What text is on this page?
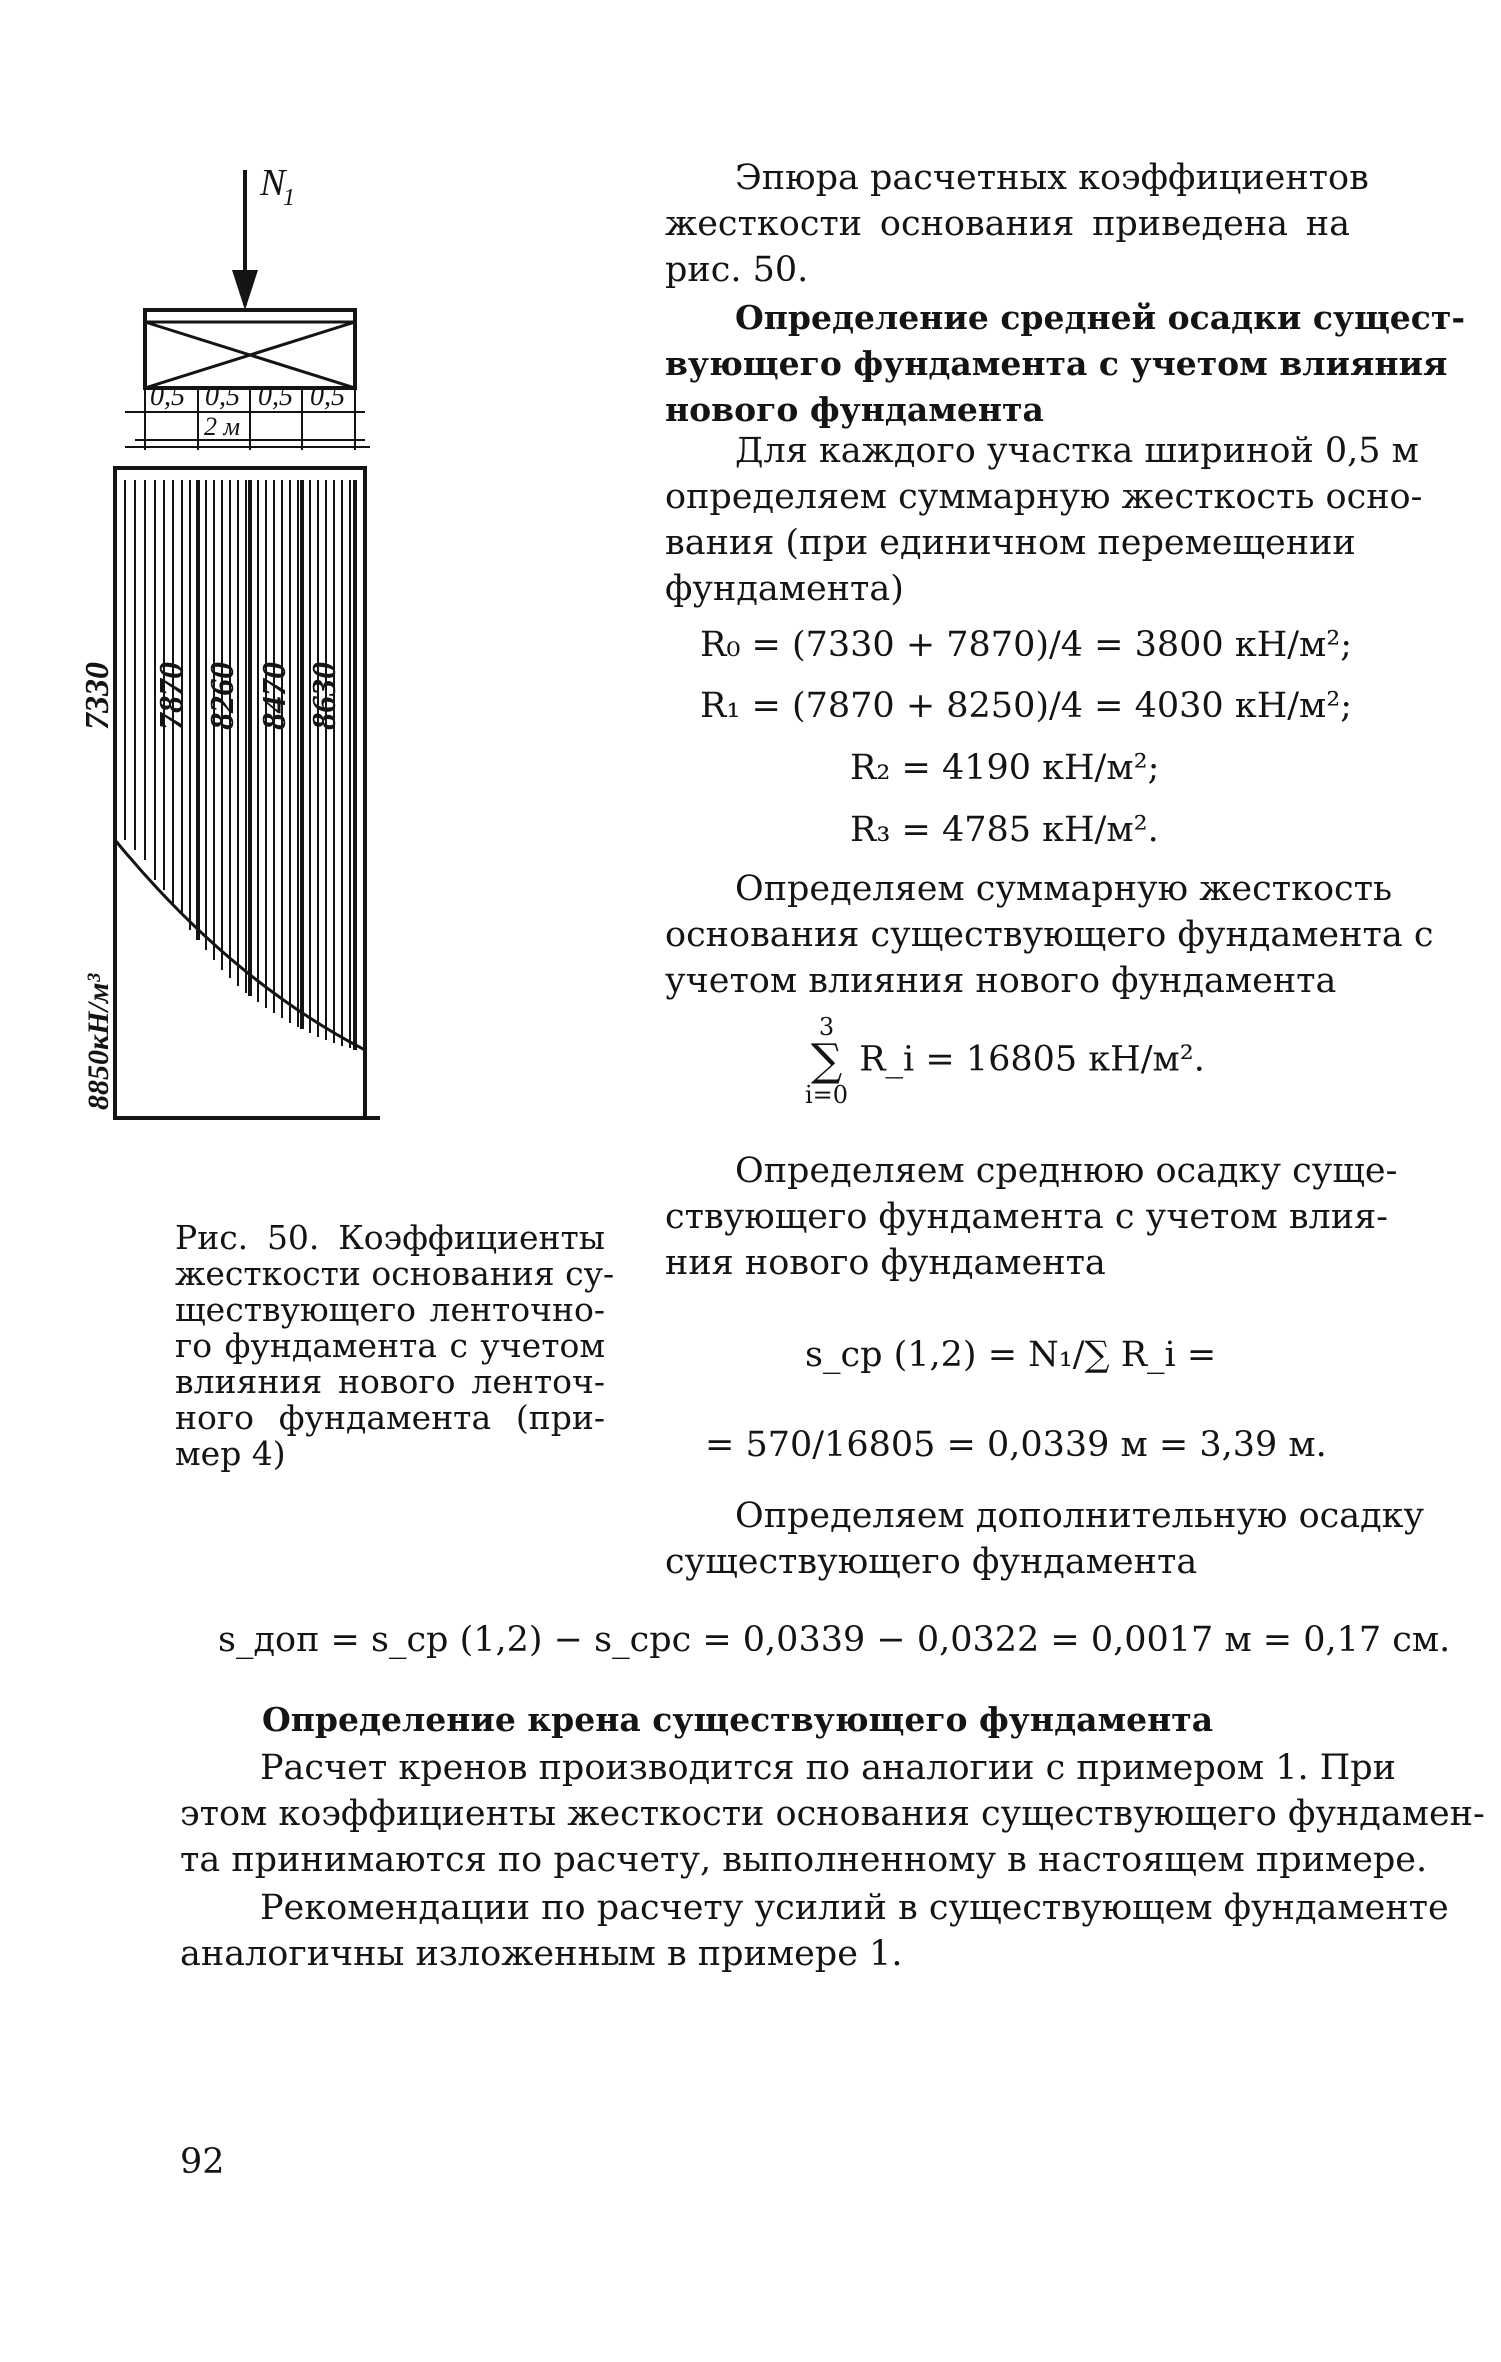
N
1
0,5 0,5 0,5 0,5
2 м
7330 7870 8260 8470 8630
8850кН/м³
Рис. 50. Коэффициенты
жесткости основания су-
ществующего ленточно-
го фундамента с учетом
влияния нового ленточ-
ного фундамента (при-
мер 4)
Эпюра расчетных коэффициентов
жесткости основания приведена на
рис. 50.
Определение средней осадки сущест-
вующего фундамента с учетом влияния
нового фундамента
Для каждого участка шириной 0,5 м
определяем суммарную жесткость осно-
вания (при единичном перемещении
фундамента)
R₀ = (7330 + 7870)/4 = 3800 кН/м²;
R₁ = (7870 + 8250)/4 = 4030 кН/м²;
R₂ = 4190 кН/м²;
R₃ = 4785 кН/м².
Определяем суммарную жесткость
основания существующего фундамента с
учетом влияния нового фундамента
3
∑
i=0
R_i = 16805 кН/м².
Определяем среднюю осадку суще-
ствующего фундамента с учетом влия-
ния нового фундамента
s_cp (1,2) = N₁/∑ R_i =
= 570/16805 = 0,0339 м = 3,39 м.
Определяем дополнительную осадку
существующего фундамента
s_доп = s_cp (1,2) − s_cpc = 0,0339 − 0,0322 = 0,0017 м = 0,17 см.
Определение крена существующего фундамента
Расчет кренов производится по аналогии с примером 1. При
этом коэффициенты жесткости основания существующего фундамен-
та принимаются по расчету, выполненному в настоящем примере.
Рекомендации по расчету усилий в существующем фундаменте
аналогичны изложенным в примере 1.
92
